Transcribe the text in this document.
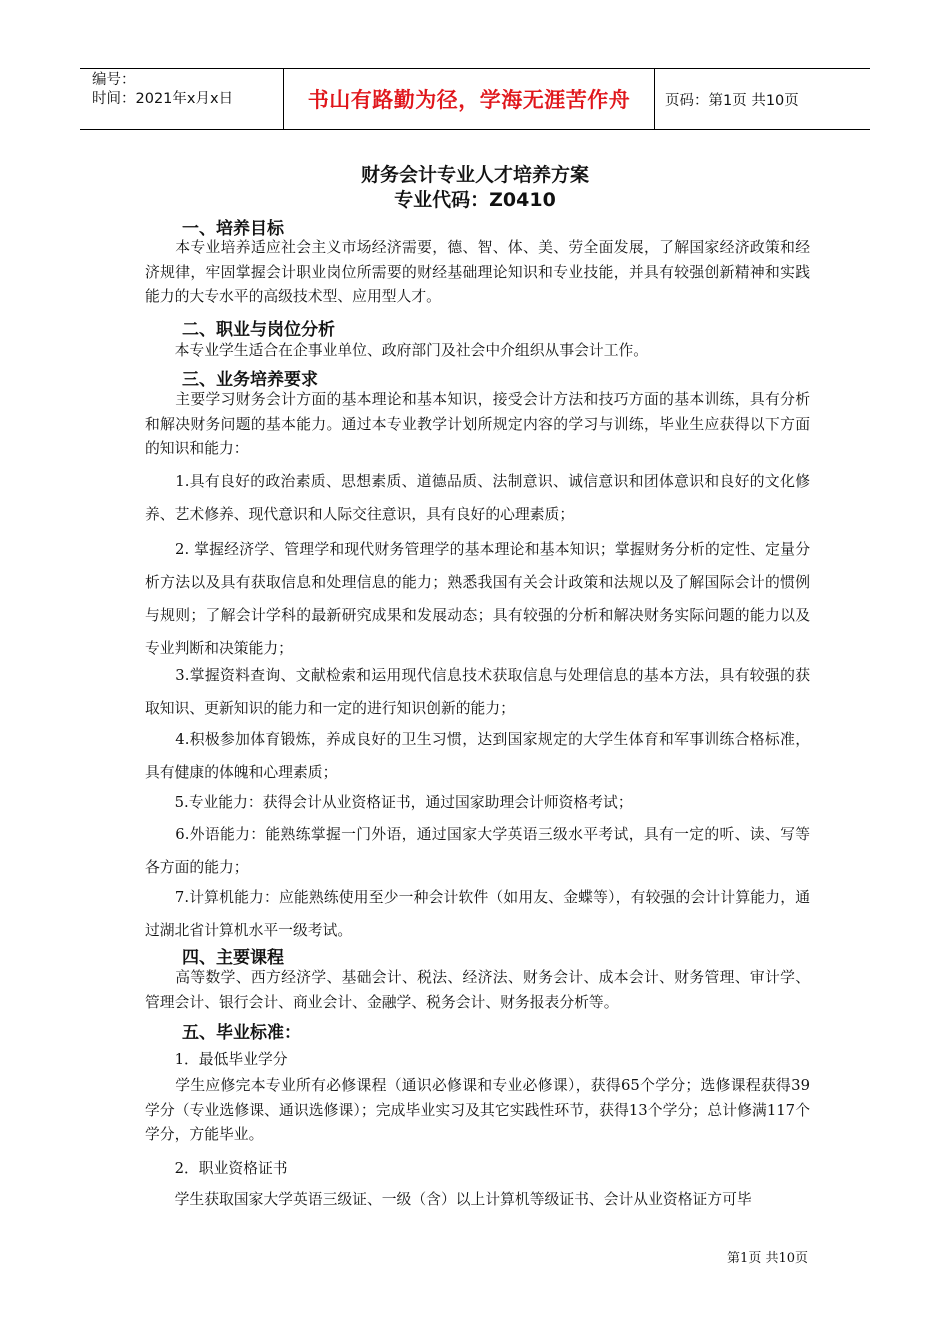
编号：
时间：2021年x月x日	书山有路勤为径，学海无涯苦作舟	页码：第1页 共10页
财务会计专业人才培养方案
专业代码：Z0410
一、培养目标
　　本专业培养适应社会主义市场经济需要，德、智、体、美、劳全面发展，了解国家经济政策和经济规律，牢固掌握会计职业岗位所需要的财经基础理论知识和专业技能，并具有较强创新精神和实践能力的大专水平的高级技术型、应用型人才。
二、职业与岗位分析
　　本专业学生适合在企事业单位、政府部门及社会中介组织从事会计工作。
三、业务培养要求
　　主要学习财务会计方面的基本理论和基本知识，接受会计方法和技巧方面的基本训练，具有分析和解决财务问题的基本能力。通过本专业教学计划所规定内容的学习与训练，毕业生应获得以下方面的知识和能力：
　　1.具有良好的政治素质、思想素质、道德品质、法制意识、诚信意识和团体意识和良好的文化修养、艺术修养、现代意识和人际交往意识，具有良好的心理素质；
　　2. 掌握经济学、管理学和现代财务管理学的基本理论和基本知识；掌握财务分析的定性、定量分析方法以及具有获取信息和处理信息的能力；熟悉我国有关会计政策和法规以及了解国际会计的惯例与规则；了解会计学科的最新研究成果和发展动态；具有较强的分析和解决财务实际问题的能力以及专业判断和决策能力；
　　3.掌握资料查询、文献检索和运用现代信息技术获取信息与处理信息的基本方法，具有较强的获取知识、更新知识的能力和一定的进行知识创新的能力；
　　4.积极参加体育锻炼，养成良好的卫生习惯，达到国家规定的大学生体育和军事训练合格标准，具有健康的体魄和心理素质；
　　5.专业能力：获得会计从业资格证书，通过国家助理会计师资格考试；
　　6.外语能力：能熟练掌握一门外语，通过国家大学英语三级水平考试，具有一定的听、读、写等各方面的能力；
　　7.计算机能力：应能熟练使用至少一种会计软件（如用友、金蝶等），有较强的会计计算能力，通过湖北省计算机水平一级考试。
四、主要课程
　　高等数学、西方经济学、基础会计、税法、经济法、财务会计、成本会计、财务管理、审计学、管理会计、银行会计、商业会计、金融学、税务会计、财务报表分析等。
五、毕业标准：
　　1．最低毕业学分
　　学生应修完本专业所有必修课程（通识必修课和专业必修课），获得65个学分；选修课程获得39学分（专业选修课、通识选修课）；完成毕业实习及其它实践性环节，获得13个学分；总计修满117个学分，方能毕业。
　　2．职业资格证书
　　学生获取国家大学英语三级证、一级（含）以上计算机等级证书、会计从业资格证方可毕
第1页 共10页
